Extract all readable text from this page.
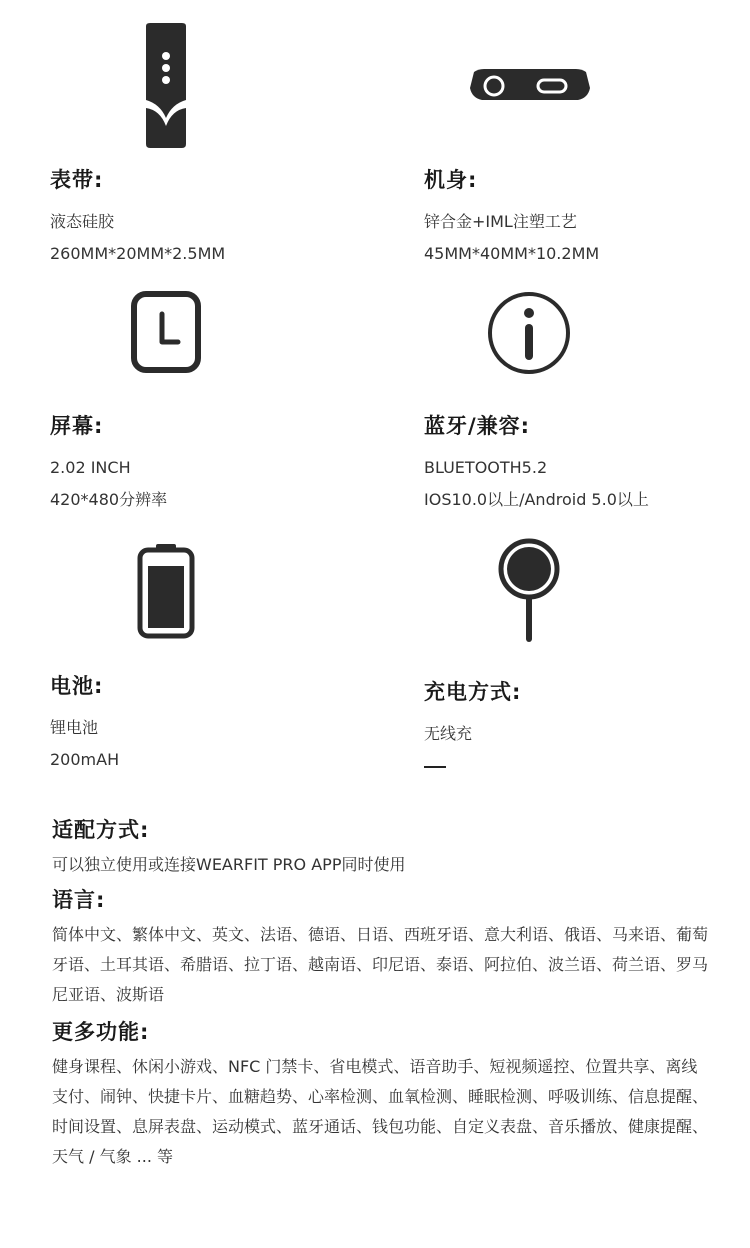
表带:
液态硅胶
260MM*20MM*2.5MM
机身:
锌合金+IML注塑工艺
45MM*40MM*10.2MM
屏幕:
2.02 INCH
420*480分辨率
蓝牙/兼容:
BLUETOOTH5.2
IOS10.0以上/Android 5.0以上
电池:
锂电池
200mAH
充电方式:
无线充
适配方式:
可以独立使用或连接WEARFIT PRO APP同时使用
语言:
简体中文、繁体中文、英文、法语、德语、日语、西班牙语、意大利语、俄语、马来语、葡萄牙语、土耳其语、希腊语、拉丁语、越南语、印尼语、泰语、阿拉伯、波兰语、荷兰语、罗马尼亚语、波斯语
更多功能:
健身课程、休闲小游戏、NFC 门禁卡、省电模式、语音助手、短视频遥控、位置共享、离线支付、闹钟、快捷卡片、血糖趋势、心率检测、血氧检测、睡眠检测、呼吸训练、信息提醒、时间设置、息屏表盘、运动模式、蓝牙通话、钱包功能、自定义表盘、音乐播放、健康提醒、天气 / 气象 ... 等
